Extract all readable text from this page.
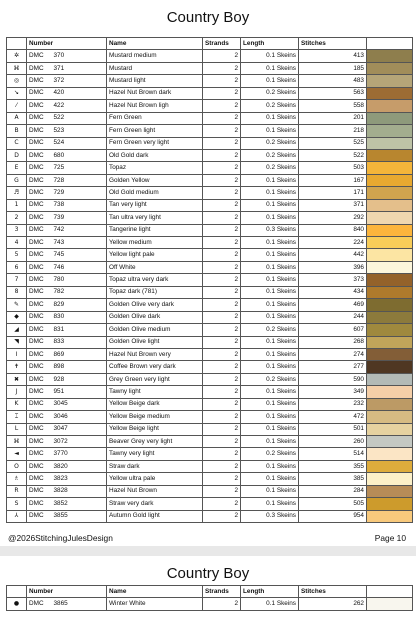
Country Boy
	Number		Name	Strands	Length	Stitches	
✲	DMC	370	Mustard medium	2	0.1 Skeins	413	
⌘	DMC	371	Mustard	2	0.1 Skeins	185	
◎	DMC	372	Mustard light	2	0.1 Skeins	483	
↘	DMC	420	Hazel Nut Brown dark	2	0.2 Skeins	563	
⁄	DMC	422	Hazel Nut Brown ligh	2	0.2 Skeins	558	
A	DMC	522	Fern Green	2	0.1 Skeins	201	
B	DMC	523	Fern Green light	2	0.1 Skeins	218	
C	DMC	524	Fern Green very light	2	0.2 Skeins	525	
D	DMC	680	Old Gold dark	2	0.2 Skeins	522	
E	DMC	725	Topaz	2	0.2 Skeins	503	
G	DMC	728	Golden Yellow	2	0.1 Skeins	167	
♬	DMC	729	Old Gold medium	2	0.1 Skeins	171	
1	DMC	738	Tan very light	2	0.1 Skeins	371	
2	DMC	739	Tan ultra very light	2	0.1 Skeins	292	
3	DMC	742	Tangerine light	2	0.3 Skeins	840	
4	DMC	743	Yellow medium	2	0.1 Skeins	224	
5	DMC	745	Yellow light pale	2	0.1 Skeins	442	
6	DMC	746	Off White	2	0.1 Skeins	396	
7	DMC	780	Topaz ultra very dark	2	0.1 Skeins	373	
8	DMC	782	Topaz dark (781)	2	0.1 Skeins	434	
✎	DMC	829	Golden Olive very dark	2	0.1 Skeins	469	
◆	DMC	830	Golden Olive dark	2	0.1 Skeins	244	
◢	DMC	831	Golden Olive medium	2	0.2 Skeins	607	
◥	DMC	833	Golden Olive light	2	0.1 Skeins	268	
I	DMC	869	Hazel Nut Brown very	2	0.1 Skeins	274	
✝	DMC	898	Coffee Brown very dark	2	0.1 Skeins	277	
✖	DMC	928	Grey Green very light	2	0.2 Skeins	590	
J	DMC	951	Tawny light	2	0.1 Skeins	349	
K	DMC	3045	Yellow Beige dark	2	0.1 Skeins	232	
⌶	DMC	3046	Yellow Beige medium	2	0.1 Skeins	472	
L	DMC	3047	Yellow Beige light	2	0.1 Skeins	501	
⌘	DMC	3072	Beaver Grey very light	2	0.1 Skeins	260	
◄	DMC	3770	Tawny very light	2	0.2 Skeins	514	
O	DMC	3820	Straw dark	2	0.1 Skeins	355	
♗	DMC	3823	Yellow ultra pale	2	0.1 Skeins	385	
R	DMC	3828	Hazel Nut Brown	2	0.1 Skeins	284	
S	DMC	3852	Straw very dark	2	0.1 Skeins	505	
⅄	DMC	3855	Autumn Gold light	2	0.3 Skeins	954	
@2026StitchingJulesDesign	Page 10
Country Boy
	Number		Name	Strands	Length	Stitches	
●	DMC	3865	Winter White	2	0.1 Skeins	262	
